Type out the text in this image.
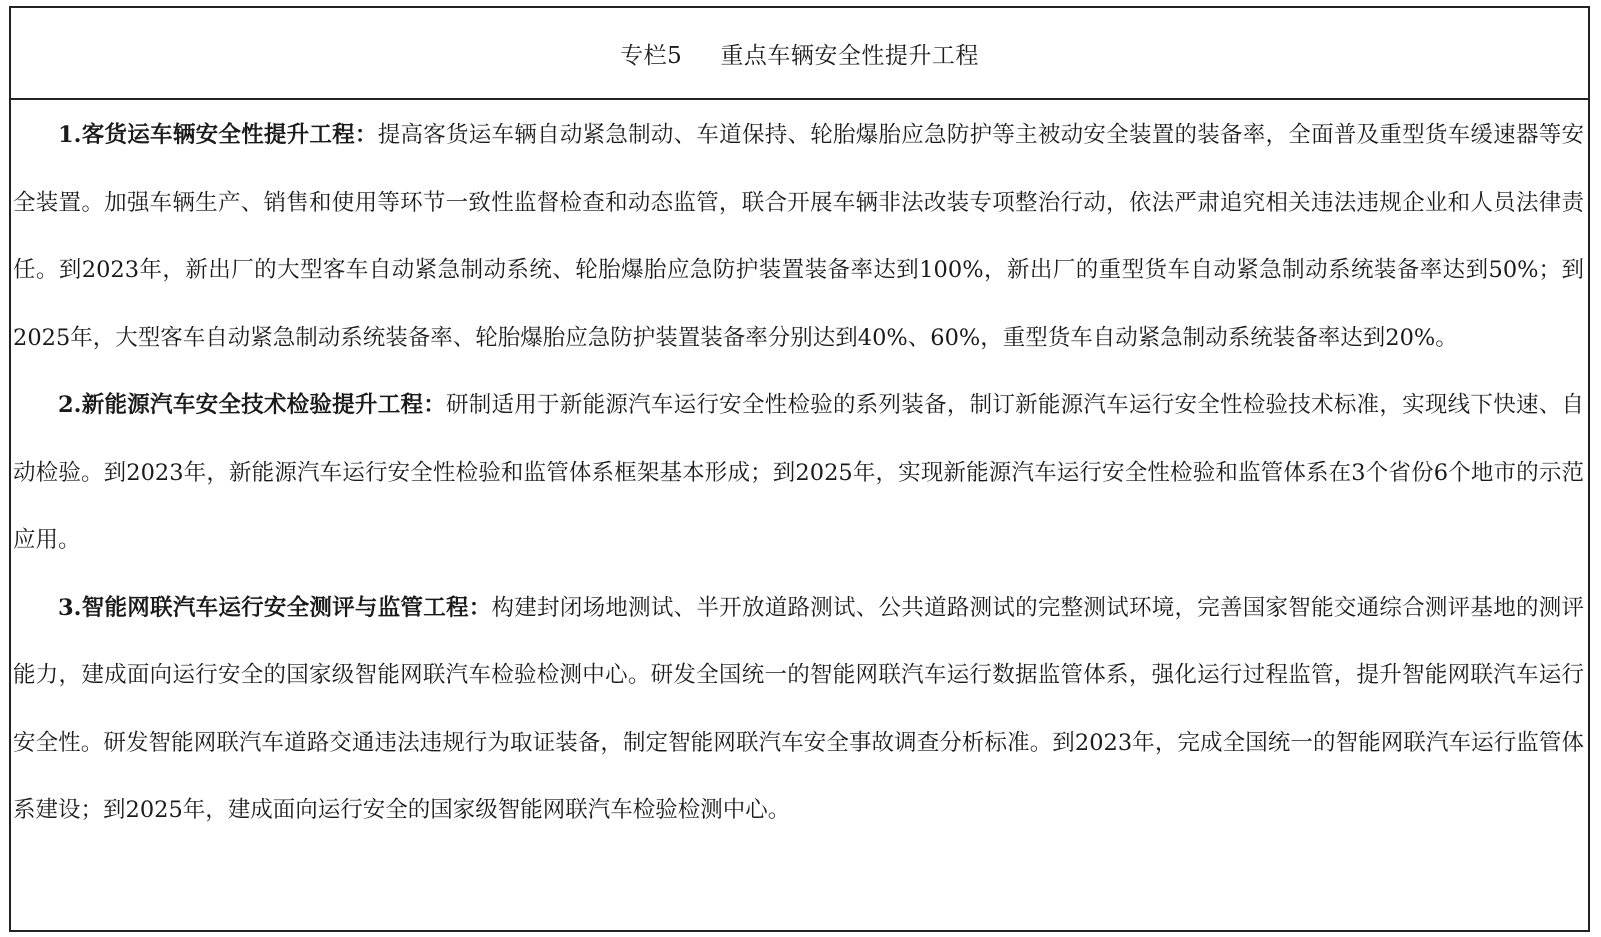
专栏5 重点车辆安全性提升工程

1.客货运车辆安全性提升工程：提高客货运车辆自动紧急制动、车道保持、轮胎爆胎应急防护等主被动安全装置的装备率，全面普及重型货车缓速器等安全装置。加强车辆生产、销售和使用等环节一致性监督检查和动态监管，联合开展车辆非法改装专项整治行动，依法严肃追究相关违法违规企业和人员法律责任。到2023年，新出厂的大型客车自动紧急制动系统、轮胎爆胎应急防护装置装备率达到100%，新出厂的重型货车自动紧急制动系统装备率达到50%；到2025年，大型客车自动紧急制动系统装备率、轮胎爆胎应急防护装置装备率分别达到40%、60%，重型货车自动紧急制动系统装备率达到20%。

2.新能源汽车安全技术检验提升工程：研制适用于新能源汽车运行安全性检验的系列装备，制订新能源汽车运行安全性检验技术标准，实现线下快速、自动检验。到2023年，新能源汽车运行安全性检验和监管体系框架基本形成；到2025年，实现新能源汽车运行安全性检验和监管体系在3个省份6个地市的示范应用。

3.智能网联汽车运行安全测评与监管工程：构建封闭场地测试、半开放道路测试、公共道路测试的完整测试环境，完善国家智能交通综合测评基地的测评能力，建成面向运行安全的国家级智能网联汽车检验检测中心。研发全国统一的智能网联汽车运行数据监管体系，强化运行过程监管，提升智能网联汽车运行安全性。研发智能网联汽车道路交通违法违规行为取证装备，制定智能网联汽车安全事故调查分析标准。到2023年，完成全国统一的智能网联汽车运行监管体系建设；到2025年，建成面向运行安全的国家级智能网联汽车检验检测中心。
